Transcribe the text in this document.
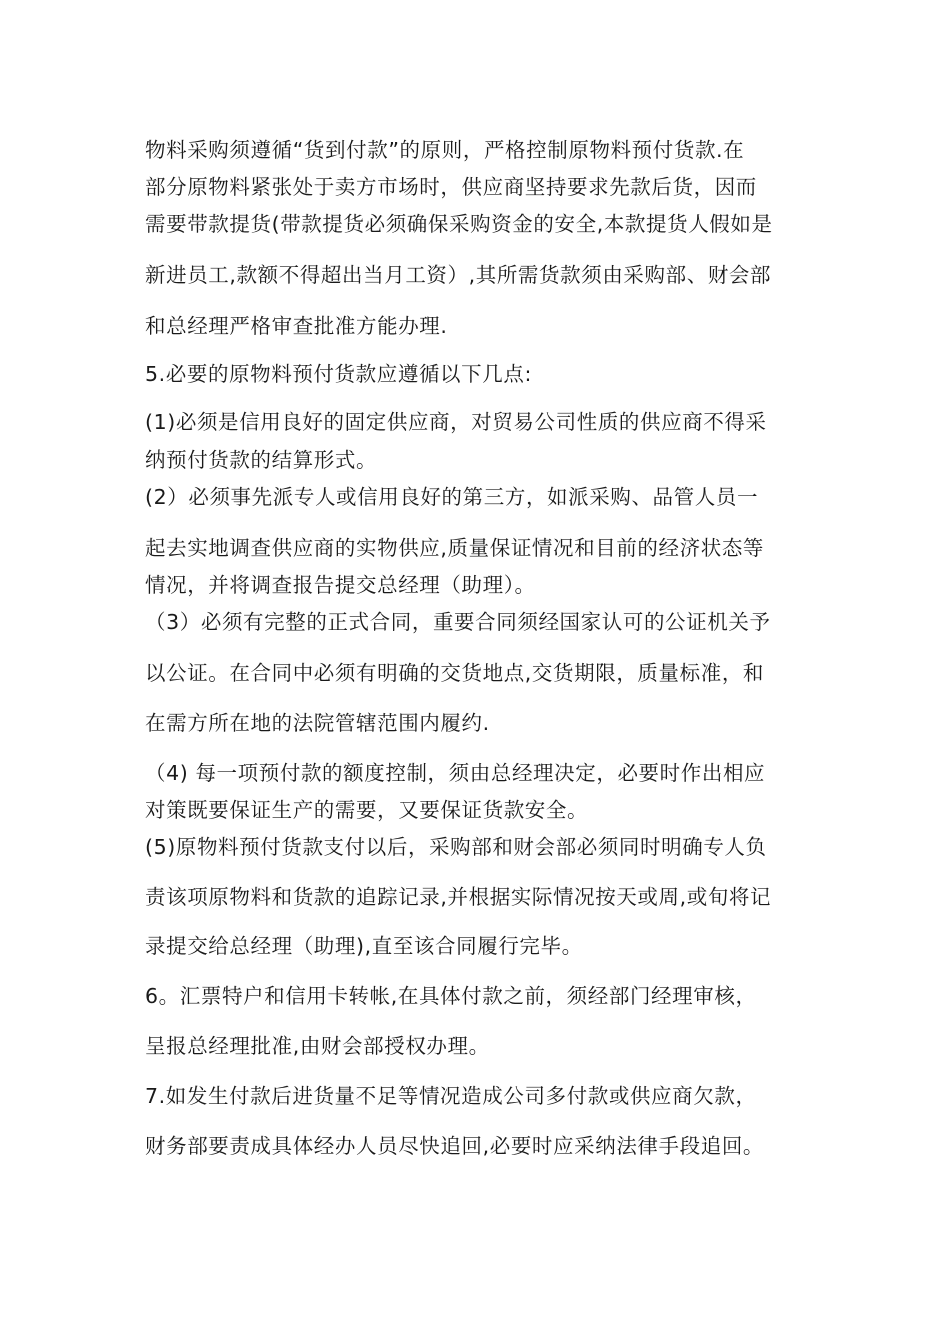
物料采购须遵循“货到付款”的原则，严格控制原物料预付货款.在
部分原物料紧张处于卖方市场时，供应商坚持要求先款后货，因而
需要带款提货(带款提货必须确保采购资金的安全,本款提货人假如是
新进员工,款额不得超出当月工资）,其所需货款须由采购部、财会部
和总经理严格审查批准方能办理.
5.必要的原物料预付货款应遵循以下几点:
(1)必须是信用良好的固定供应商，对贸易公司性质的供应商不得采
纳预付货款的结算形式。
(2）必须事先派专人或信用良好的第三方，如派采购、品管人员一
起去实地调查供应商的实物供应,质量保证情况和目前的经济状态等
情况，并将调查报告提交总经理（助理）。
（3）必须有完整的正式合同，重要合同须经国家认可的公证机关予
以公证。在合同中必须有明确的交货地点,交货期限，质量标准，和
在需方所在地的法院管辖范围内履约.
（4) 每一项预付款的额度控制，须由总经理决定，必要时作出相应
对策既要保证生产的需要，又要保证货款安全。
(5)原物料预付货款支付以后，采购部和财会部必须同时明确专人负
责该项原物料和货款的追踪记录,并根据实际情况按天或周,或旬将记
录提交给总经理（助理),直至该合同履行完毕。
6。汇票特户和信用卡转帐,在具体付款之前，须经部门经理审核，
呈报总经理批准,由财会部授权办理。
7.如发生付款后进货量不足等情况造成公司多付款或供应商欠款，
财务部要责成具体经办人员尽快追回,必要时应采纳法律手段追回。
